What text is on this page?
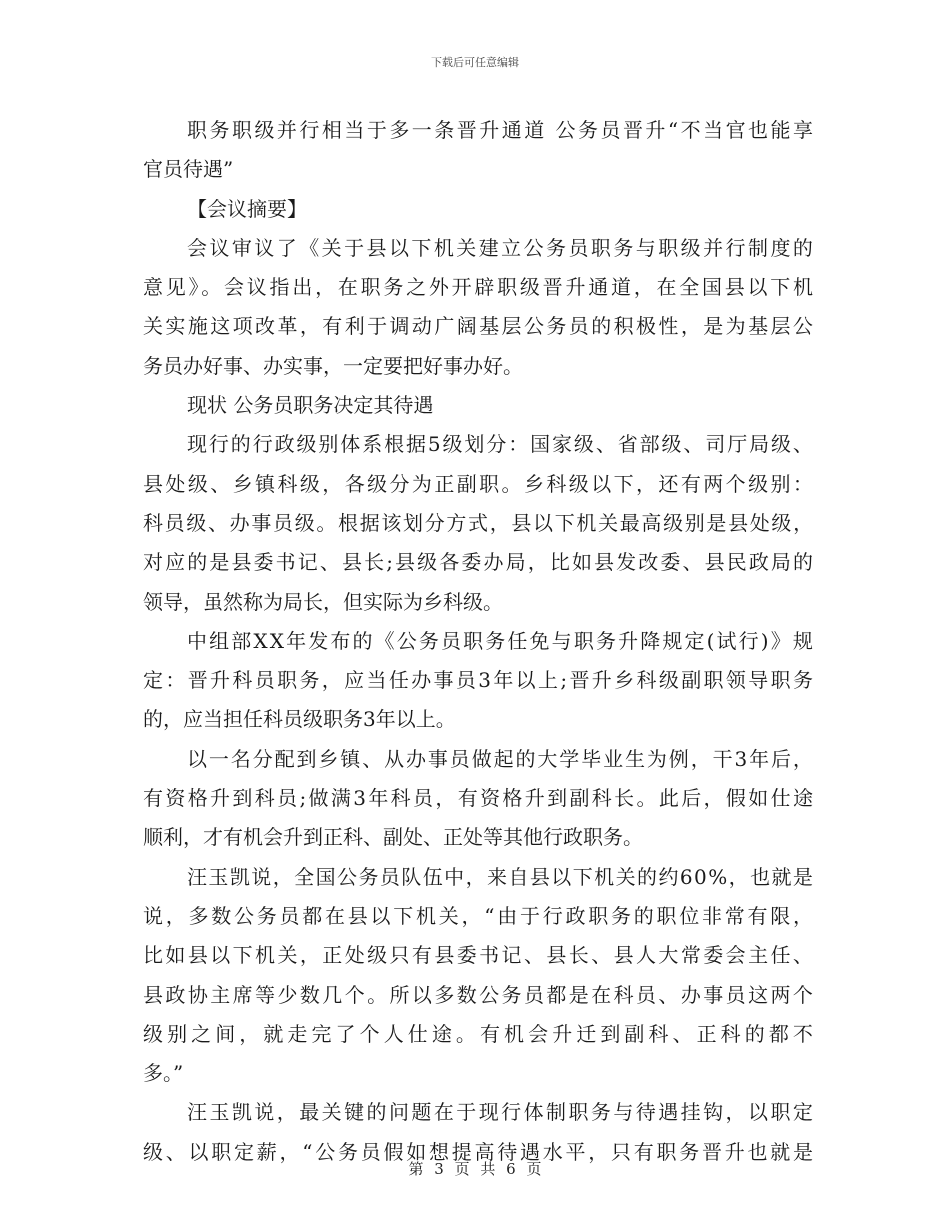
下载后可任意编辑
职务职级并行相当于多一条晋升通道 公务员晋升“不当官也能享
官员待遇”
【会议摘要】
会议审议了《关于县以下机关建立公务员职务与职级并行制度的
意见》。会议指出，在职务之外开辟职级晋升通道，在全国县以下机
关实施这项改革，有利于调动广阔基层公务员的积极性，是为基层公
务员办好事、办实事，一定要把好事办好。
现状 公务员职务决定其待遇
现行的行政级别体系根据5级划分：国家级、省部级、司厅局级、
县处级、乡镇科级，各级分为正副职。乡科级以下，还有两个级别：
科员级、办事员级。根据该划分方式，县以下机关最高级别是县处级，
对应的是县委书记、县长;县级各委办局，比如县发改委、县民政局的
领导，虽然称为局长，但实际为乡科级。
中组部XX年发布的《公务员职务任免与职务升降规定(试行)》规
定：晋升科员职务，应当任办事员3年以上;晋升乡科级副职领导职务
的，应当担任科员级职务3年以上。
以一名分配到乡镇、从办事员做起的大学毕业生为例，干3年后，
有资格升到科员;做满3年科员，有资格升到副科长。此后，假如仕途
顺利，才有机会升到正科、副处、正处等其他行政职务。
汪玉凯说，全国公务员队伍中，来自县以下机关的约60%，也就是
说，多数公务员都在县以下机关，“由于行政职务的职位非常有限，
比如县以下机关，正处级只有县委书记、县长、县人大常委会主任、
县政协主席等少数几个。所以多数公务员都是在科员、办事员这两个
级别之间，就走完了个人仕途。有机会升迁到副科、正科的都不
多。”
汪玉凯说，最关键的问题在于现行体制职务与待遇挂钩，以职定
级、以职定薪，“公务员假如想提高待遇水平，只有职务晋升也就是
第 3 页 共 6 页
